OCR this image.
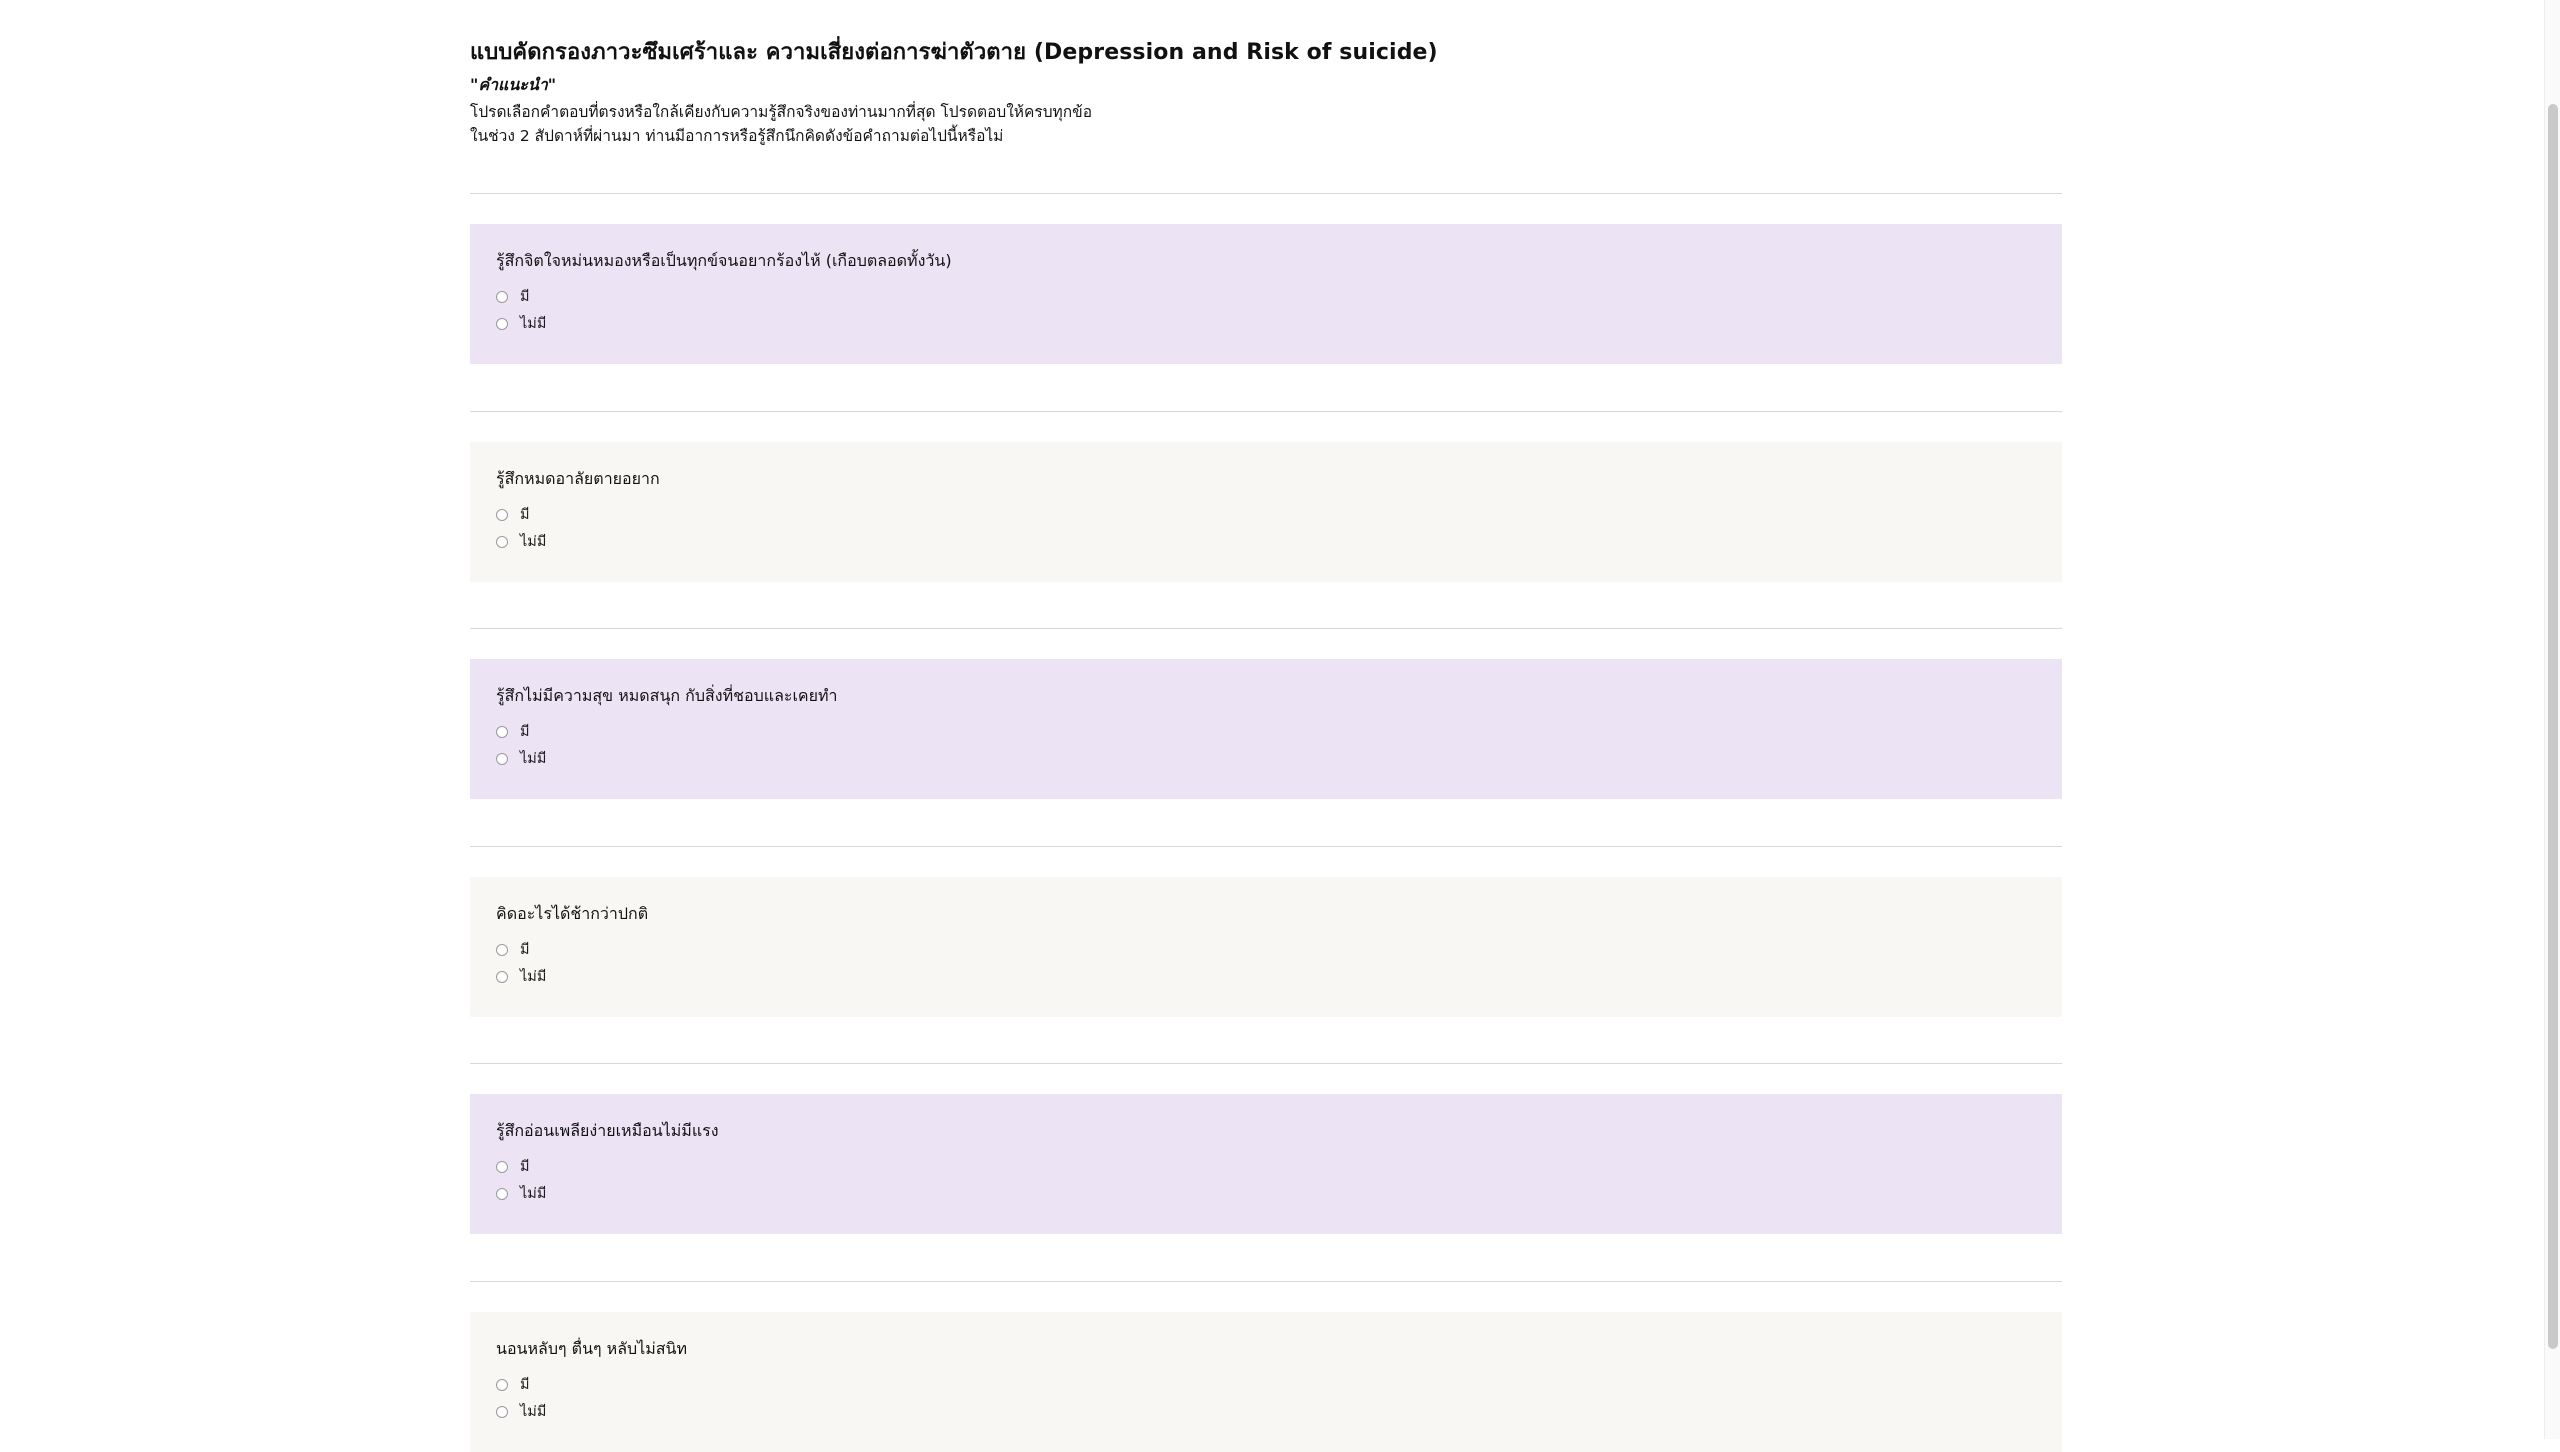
แบบคัดกรองภาวะซึมเศร้าและ ความเสี่ยงต่อการฆ่าตัวตาย (Depression and Risk of suicide)

"คำแนะนำ"

โปรดเลือกคำตอบที่ตรงหรือใกล้เคียงกับความรู้สึกจริงของท่านมากที่สุด โปรดตอบให้ครบทุกข้อ

ในช่วง 2 สัปดาห์ที่ผ่านมา ท่านมีอาการหรือรู้สึกนึกคิดดังข้อคำถามต่อไปนี้หรือไม่

รู้สึกจิตใจหม่นหมองหรือเป็นทุกข์จนอยากร้องไห้ (เกือบตลอดทั้งวัน)

มี
ไม่มี

รู้สึกหมดอาลัยตายอยาก

มี
ไม่มี

รู้สึกไม่มีความสุข หมดสนุก กับสิ่งที่ชอบและเคยทำ

มี
ไม่มี

คิดอะไรได้ช้ากว่าปกติ

มี
ไม่มี

รู้สึกอ่อนเพลียง่ายเหมือนไม่มีแรง

มี
ไม่มี

นอนหลับๆ ตื่นๆ หลับไม่สนิท

มี
ไม่มี
